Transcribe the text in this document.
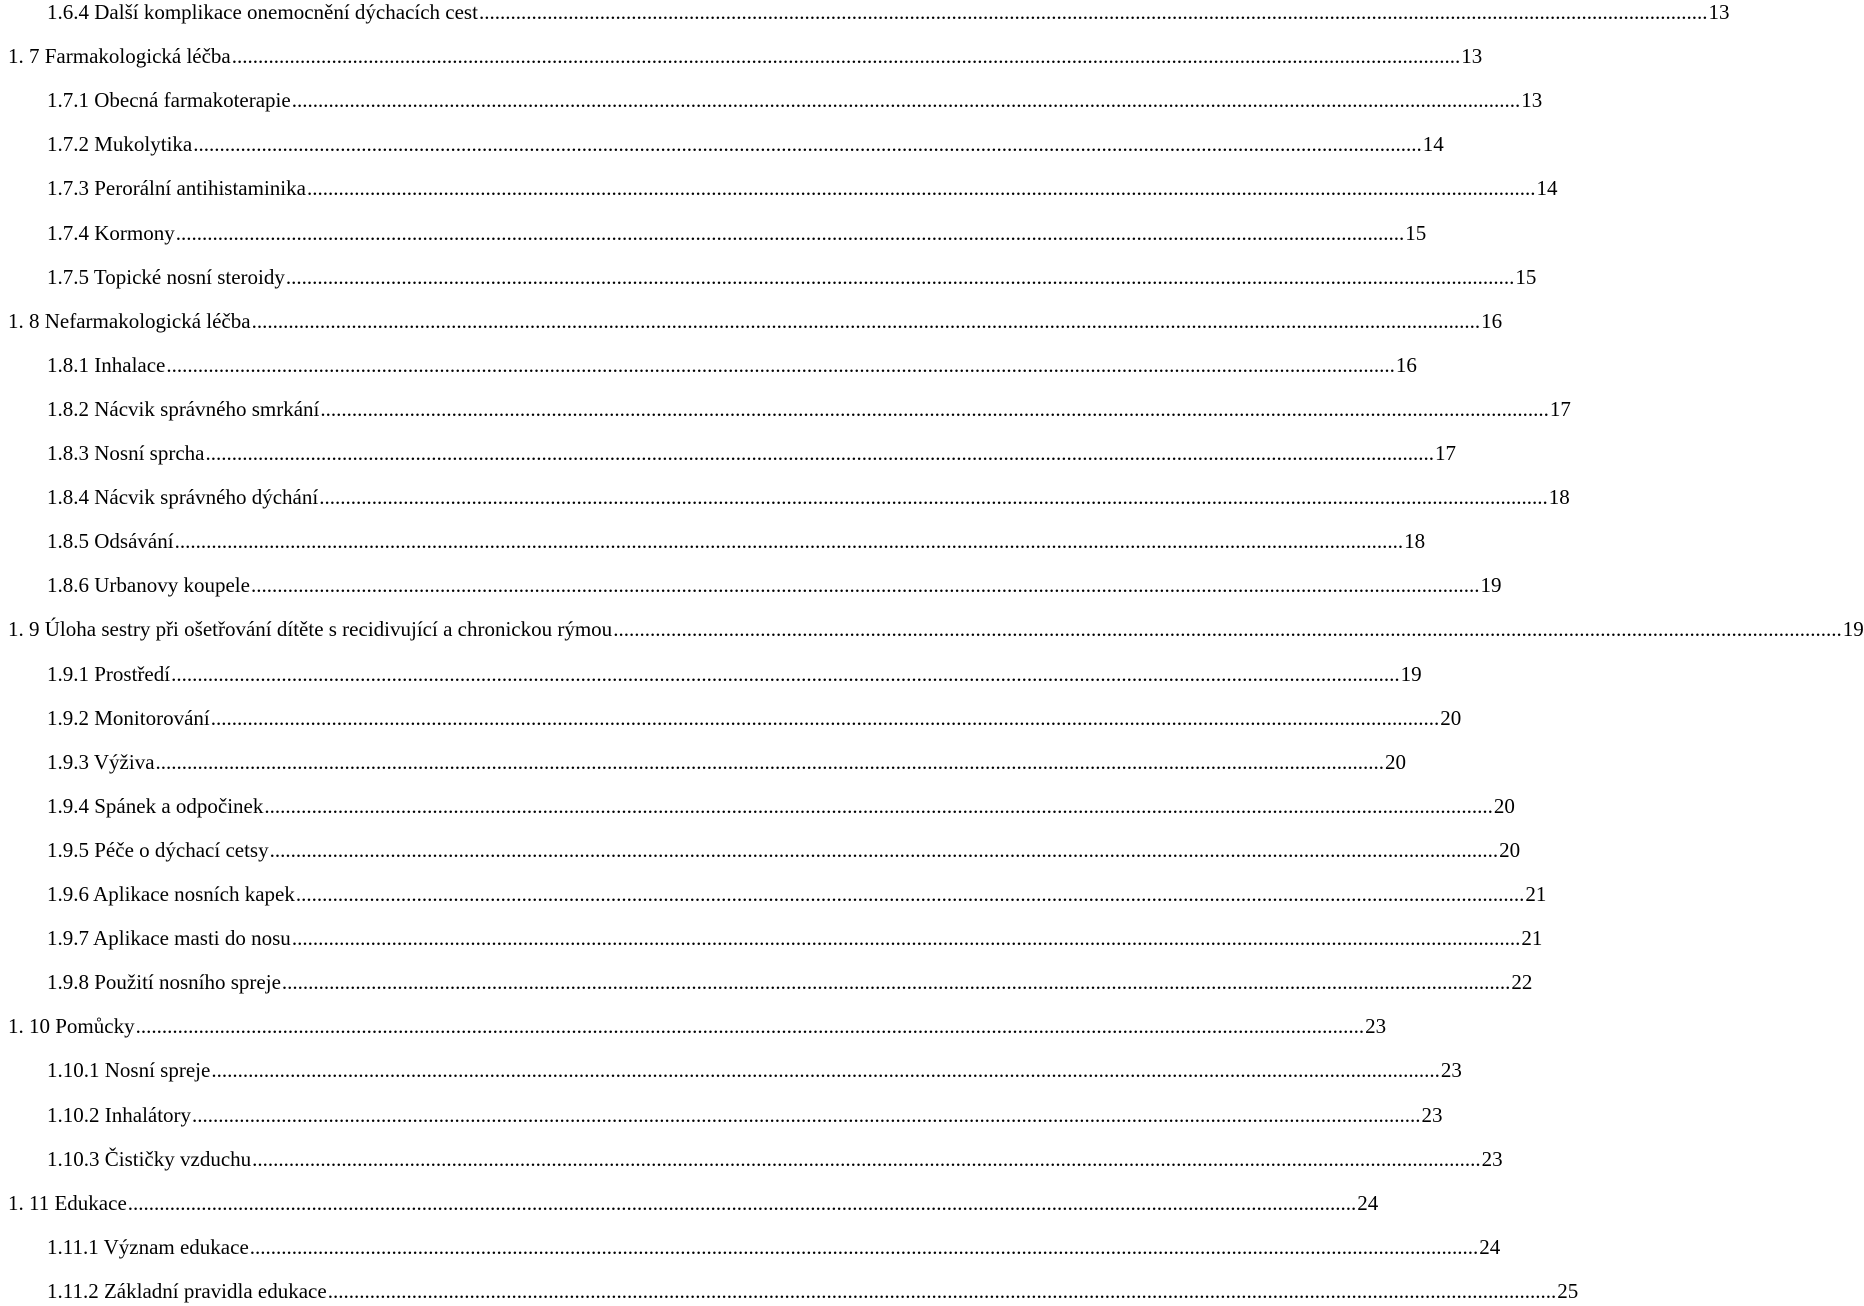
1.6.4 Další komplikace onemocnění dýchacích cest .....	13
1. 7 Farmakologická léčba .....	13
1.7.1 Obecná farmakoterapie .....	13
1.7.2 Mukolytika .....	14
1.7.3 Perorální antihistaminika .....	14
1.7.4 Kormony .....	15
1.7.5 Topické nosní steroidy .....	15
1. 8 Nefarmakologická léčba .....	16
1.8.1 Inhalace .....	16
1.8.2 Nácvik správného smrkání .....	17
1.8.3 Nosní sprcha .....	17
1.8.4 Nácvik správného dýchání .....	18
1.8.5 Odsávání .....	18
1.8.6 Urbanovy koupele .....	19
1. 9 Úloha sestry při ošetřování dítěte s recidivující a chronickou rýmou .....	19
1.9.1 Prostředí .....	19
1.9.2 Monitorování .....	20
1.9.3 Výživa .....	20
1.9.4 Spánek a odpočinek .....	20
1.9.5 Péče o dýchací cetsy .....	20
1.9.6 Aplikace nosních kapek .....	21
1.9.7 Aplikace masti do nosu .....	21
1.9.8 Použití nosního spreje .....	22
1. 10 Pomůcky .....	23
1.10.1 Nosní spreje .....	23
1.10.2 Inhalátory .....	23
1.10.3 Čističky vzduchu .....	23
1. 11 Edukace .....	24
1.11.1 Význam edukace .....	24
1.11.2 Základní pravidla edukace .....	25
